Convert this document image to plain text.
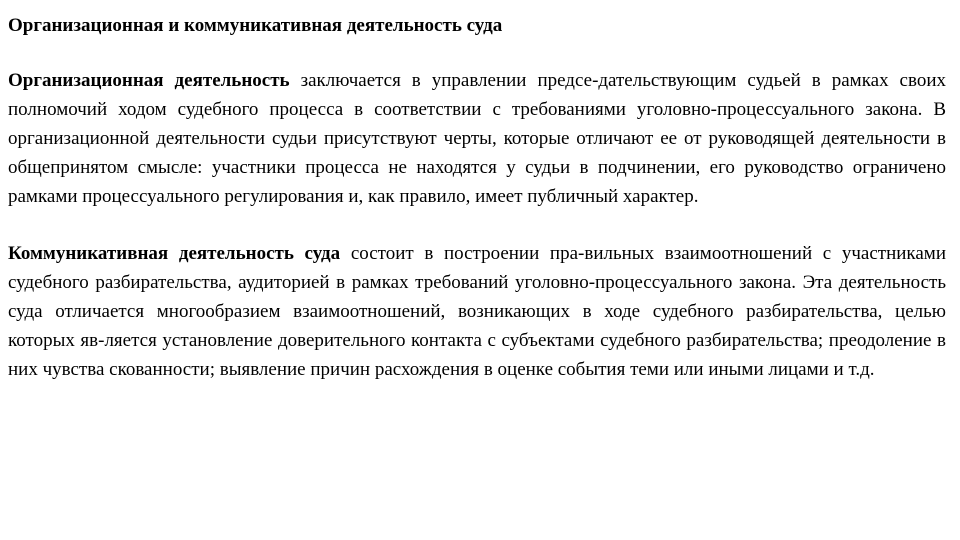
Организационная и коммуникативная деятельность суда

Организационная деятельность заключается в управлении предсе-дательствующим судьей в рамках своих полномочий ходом судебного процесса в соответствии с требованиями уголовно-процессуального закона. В организационной деятельности судьи присутствуют черты, которые отличают ее от руководящей деятельности в общепринятом смысле: участники процесса не находятся у судьи в подчинении, его руководство ограничено рамками процессуального регулирования и, как правило, имеет публичный характер.

Коммуникативная деятельность суда состоит в построении пра-вильных взаимоотношений с участниками судебного разбирательства, аудиторией в рамках требований уголовно-процессуального закона. Эта деятельность суда отличается многообразием взаимоотношений, возникающих в ходе судебного разбирательства, целью которых яв-ляется установление доверительного контакта с субъектами судебного разбирательства; преодоление в них чувства скованности; выявление причин расхождения в оценке события теми или иными лицами и т.д.
